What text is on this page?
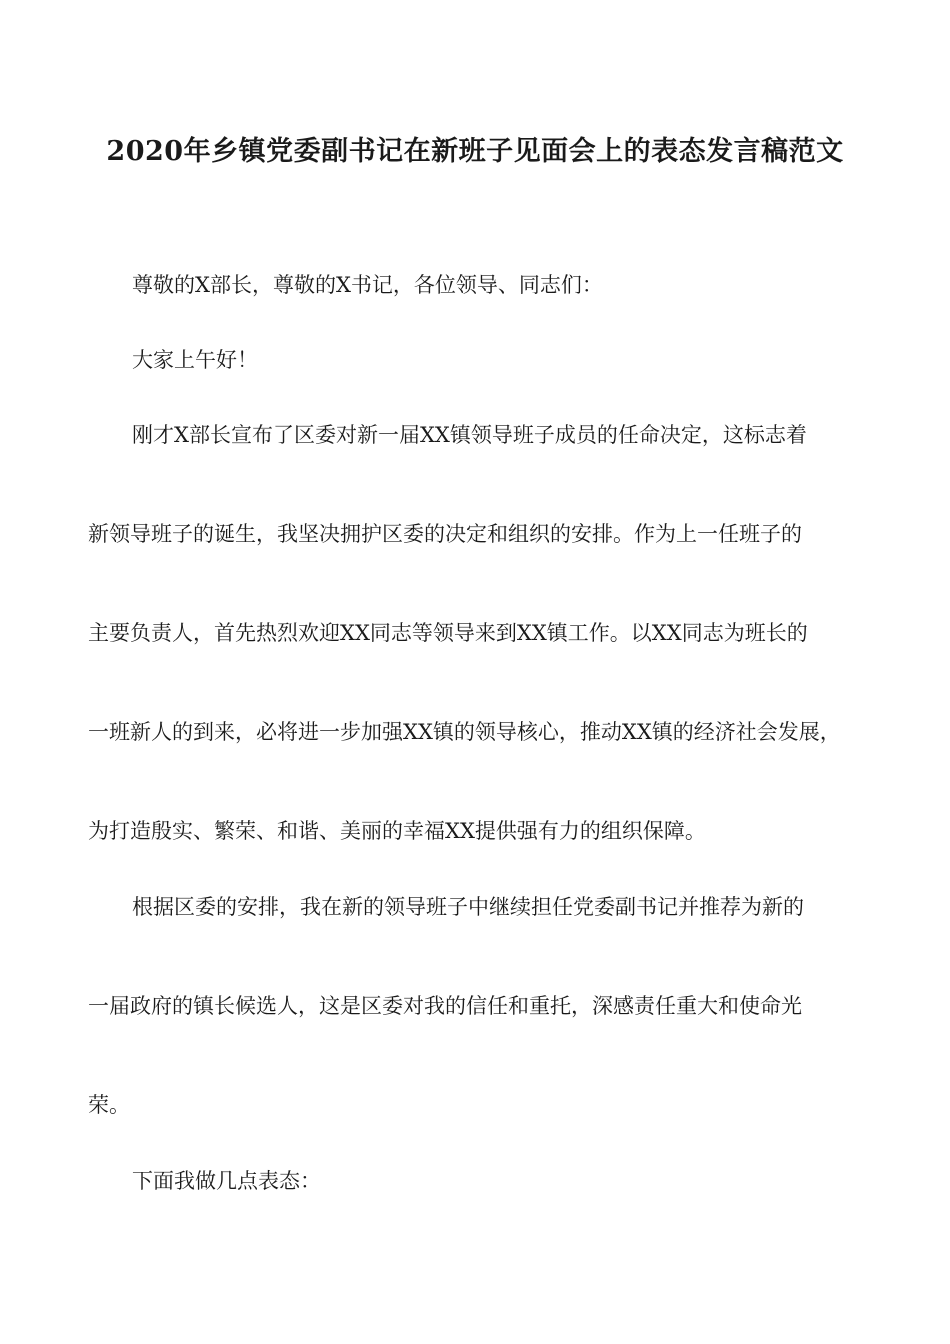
2020年乡镇党委副书记在新班子见面会上的表态发言稿范文
尊敬的X部长，尊敬的X书记，各位领导、同志们：
大家上午好！
刚才X部长宣布了区委对新一届XX镇领导班子成员的任命决定，这标志着
新领导班子的诞生，我坚决拥护区委的决定和组织的安排。作为上一任班子的
主要负责人，首先热烈欢迎XX同志等领导来到XX镇工作。以XX同志为班长的
一班新人的到来，必将进一步加强XX镇的领导核心，推动XX镇的经济社会发展，
为打造殷实、繁荣、和谐、美丽的幸福XX提供强有力的组织保障。
根据区委的安排，我在新的领导班子中继续担任党委副书记并推荐为新的
一届政府的镇长候选人，这是区委对我的信任和重托，深感责任重大和使命光
荣。
下面我做几点表态：
